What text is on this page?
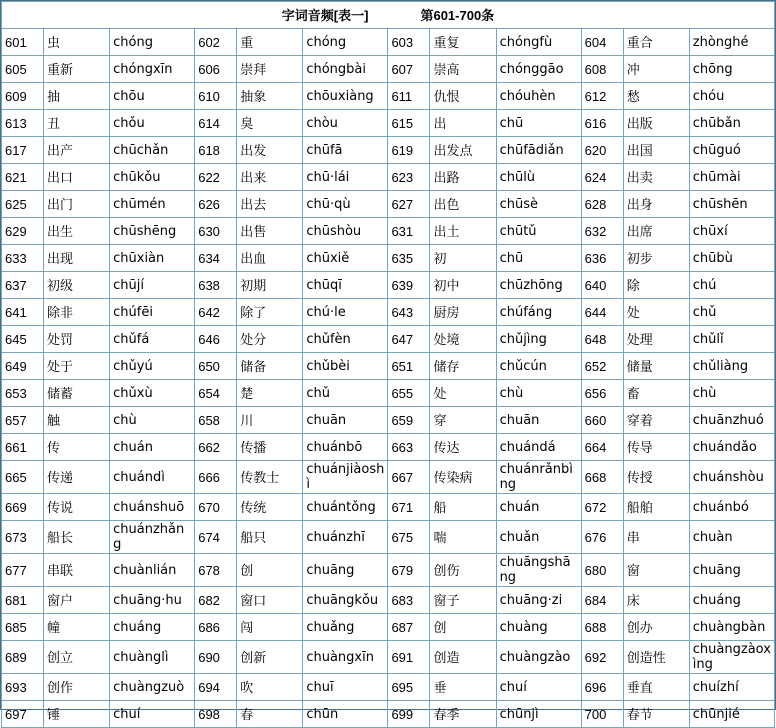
字词音频[表一] 第601-700条											

601	虫	chóng	602	重	chóng	603	重复	chóngfù	604	重合	zhònghé
605	重新	chóngxīn	606	崇拜	chóngbài	607	崇高	chónggāo	608	冲	chōng
609	抽	chōu	610	抽象	chōuxiàng	611	仇恨	chóuhèn	612	愁	chóu
613	丑	chǒu	614	臭	chòu	615	出	chū	616	出版	chūbǎn
617	出产	chūchǎn	618	出发	chūfā	619	出发点	chūfādiǎn	620	出国	chūguó
621	出口	chūkǒu	622	出来	chū·lái	623	出路	chūlù	624	出卖	chūmài
625	出门	chūmén	626	出去	chū·qù	627	出色	chūsè	628	出身	chūshēn
629	出生	chūshēng	630	出售	chūshòu	631	出土	chūtǔ	632	出席	chūxí
633	出现	chūxiàn	634	出血	chūxiě	635	初	chū	636	初步	chūbù
637	初级	chūjí	638	初期	chūqī	639	初中	chūzhōng	640	除	chú
641	除非	chúfēi	642	除了	chú·le	643	厨房	chúfáng	644	处	chǔ
645	处罚	chǔfá	646	处分	chǔfèn	647	处境	chǔjìng	648	处理	chǔlǐ
649	处于	chǔyú	650	储备	chǔbèi	651	储存	chǔcún	652	储量	chǔliàng
653	储蓄	chǔxù	654	楚	chǔ	655	处	chù	656	畜	chù
657	触	chù	658	川	chuān	659	穿	chuān	660	穿着	chuānzhuó
661	传	chuán	662	传播	chuánbō	663	传达	chuándá	664	传导	chuándǎo
665	传递	chuándì	666	传教士	chuánjiàoshì	667	传染病	chuánrǎnbìng	668	传授	chuánshòu
669	传说	chuánshuō	670	传统	chuántǒng	671	船	chuán	672	船舶	chuánbó
673	船长	chuánzhǎng	674	船只	chuánzhī	675	喘	chuǎn	676	串	chuàn
677	串联	chuànlián	678	创	chuāng	679	创伤	chuāngshāng	680	窗	chuāng
681	窗户	chuāng·hu	682	窗口	chuāngkǒu	683	窗子	chuāng·zi	684	床	chuáng
685	幢	chuáng	686	闯	chuǎng	687	创	chuàng	688	创办	chuàngbàn
689	创立	chuànglì	690	创新	chuàngxīn	691	创造	chuàngzào	692	创造性	chuàngzàoxìng
693	创作	chuàngzuò	694	吹	chuī	695	垂	chuí	696	垂直	chuízhí
697	锤	chuí	698	春	chūn	699	春季	chūnjì	700	春节	chūnjié
